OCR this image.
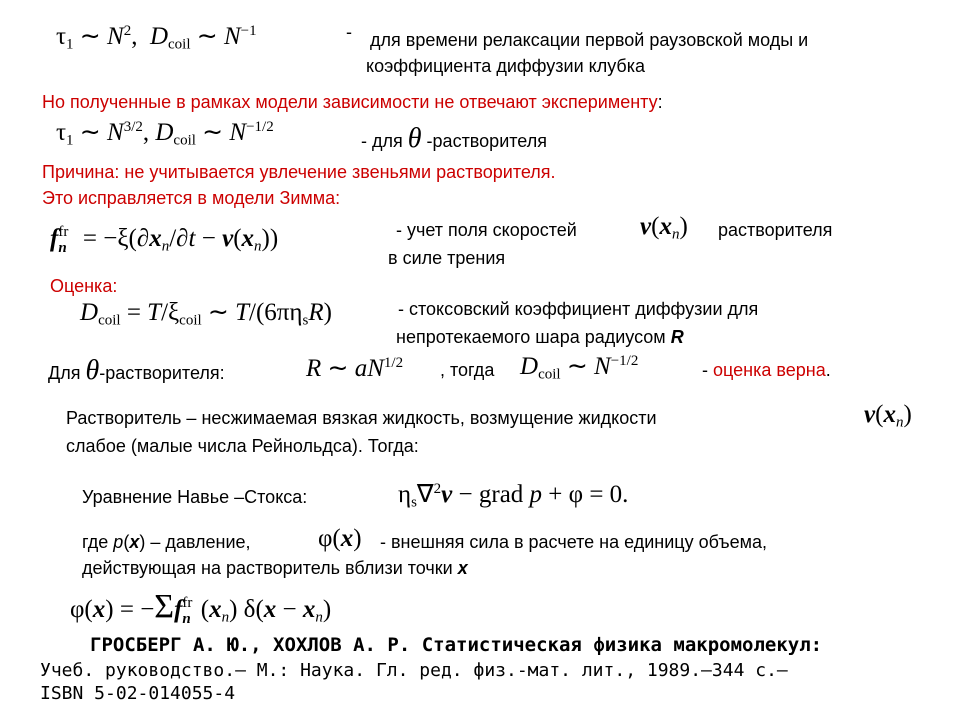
$\tau_1$ ∼ $N^2$,  $D_{coil}$ ∼ $N^{-1}$	- для времени релаксации первой раузовской моды и
коэффициента диффузии клубка
Но полученные в рамках модели зависимости не отвечают эксперименту:
$\tau_1$ ∼ $N^{3/2}$, $D_{coil}$ ∼ $N^{-1/2}$
- для θ -растворителя
Причина: не учитывается увлечение звеньями растворителя.
Это исправляется в модели Зимма:
$f^{fr}_n = -\xi(\partial x_n/\partial t - v(x_n))$	- учет поля скоростей	$v(x_n)$ растворителя
в силе трения
Оценка:
$D_{coil} = T/\xi_{coil}$ ∼ $T/(6\pi\eta_sR)$	- стоксовский коэффициент диффузии для
непротекаемого шара радиусом R
Для θ-растворителя:	R ∼ $aN^{1/2}$ , тогда $D_{coil}$ ∼ $N^{-1/2}$	- оценка верна.
Растворитель – несжимаемая вязкая жидкость, возмущение жидкости	$v(x_n)$
слабое (малые числа Рейнольдса). Тогда:
Уравнение Навье –Стокса:	$\eta_s\nabla^2v$ − grad p + φ = 0.
где p(x) – давление,	φ(x) - внешняя сила в расчете на единицу объема,
действующая на растворитель вблизи точки x
$\varphi(x) = -\Sigma f^{fr}_n$ $(x_n) \delta(x - x_n)$
ГРОСБЕРГ А. Ю., ХОХЛОВ А. Р. Статистическая физика макромолекул:
Учеб. руководство.— М.: Наука. Гл. ред. физ.-мат. лит., 1989.—344 с.—
ISBN 5-02-014055-4
